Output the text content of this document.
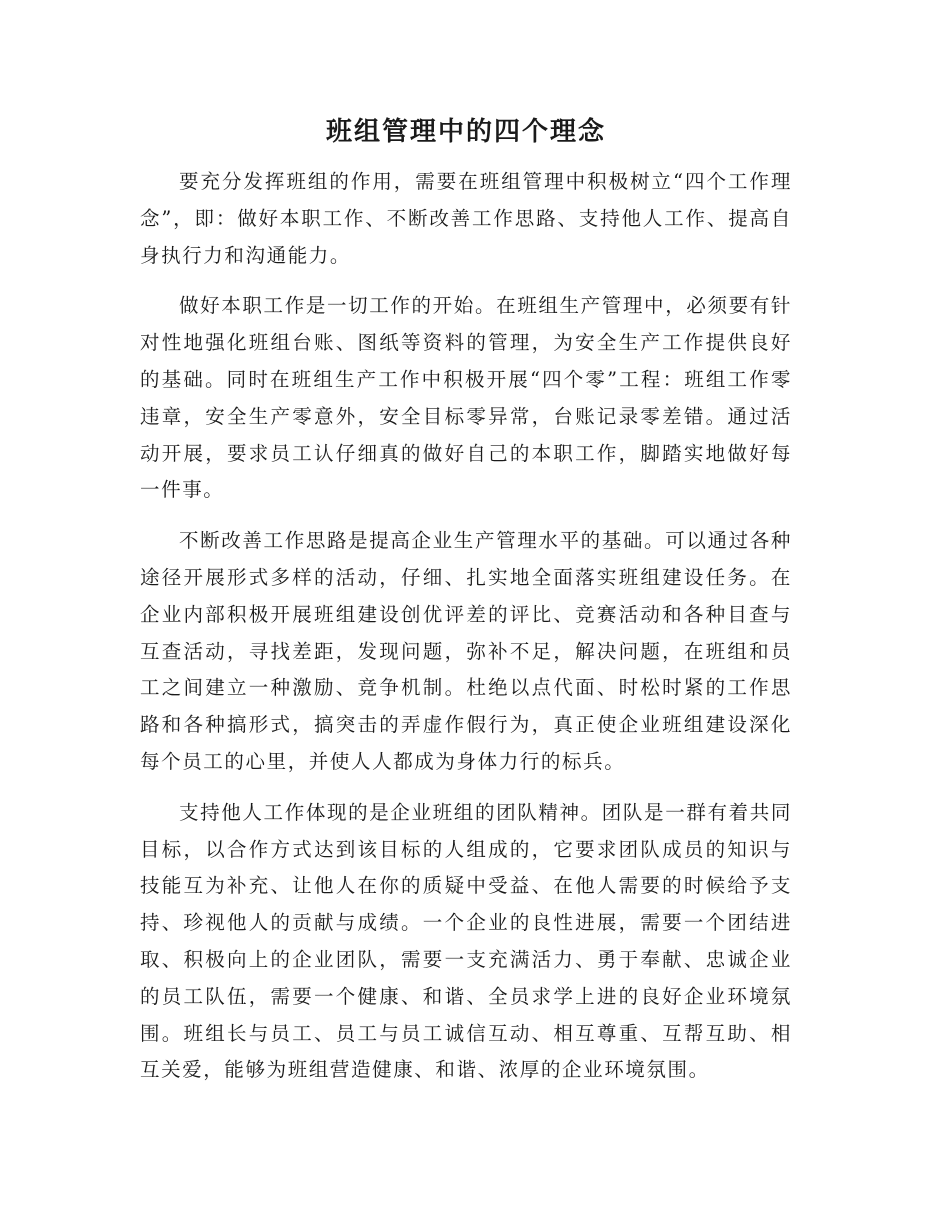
班组管理中的四个理念

要充分发挥班组的作用，需要在班组管理中积极树立“四个工作理念”，即：做好本职工作、不断改善工作思路、支持他人工作、提高自身执行力和沟通能力。

做好本职工作是一切工作的开始。在班组生产管理中，必须要有针对性地强化班组台账、图纸等资料的管理，为安全生产工作提供良好的基础。同时在班组生产工作中积极开展“四个零”工程：班组工作零违章，安全生产零意外，安全目标零异常，台账记录零差错。通过活动开展，要求员工认仔细真的做好自己的本职工作，脚踏实地做好每一件事。

不断改善工作思路是提高企业生产管理水平的基础。可以通过各种途径开展形式多样的活动，仔细、扎实地全面落实班组建设任务。在企业内部积极开展班组建设创优评差的评比、竞赛活动和各种目查与互查活动，寻找差距，发现问题，弥补不足，解决问题，在班组和员工之间建立一种激励、竞争机制。杜绝以点代面、时松时紧的工作思路和各种搞形式，搞突击的弄虚作假行为，真正使企业班组建设深化每个员工的心里，并使人人都成为身体力行的标兵。

支持他人工作体现的是企业班组的团队精神。团队是一群有着共同目标，以合作方式达到该目标的人组成的，它要求团队成员的知识与技能互为补充、让他人在你的质疑中受益、在他人需要的时候给予支持、珍视他人的贡献与成绩。一个企业的良性进展，需要一个团结进取、积极向上的企业团队，需要一支充满活力、勇于奉献、忠诚企业的员工队伍，需要一个健康、和谐、全员求学上进的良好企业环境氛围。班组长与员工、员工与员工诚信互动、相互尊重、互帮互助、相互关爱，能够为班组营造健康、和谐、浓厚的企业环境氛围。
